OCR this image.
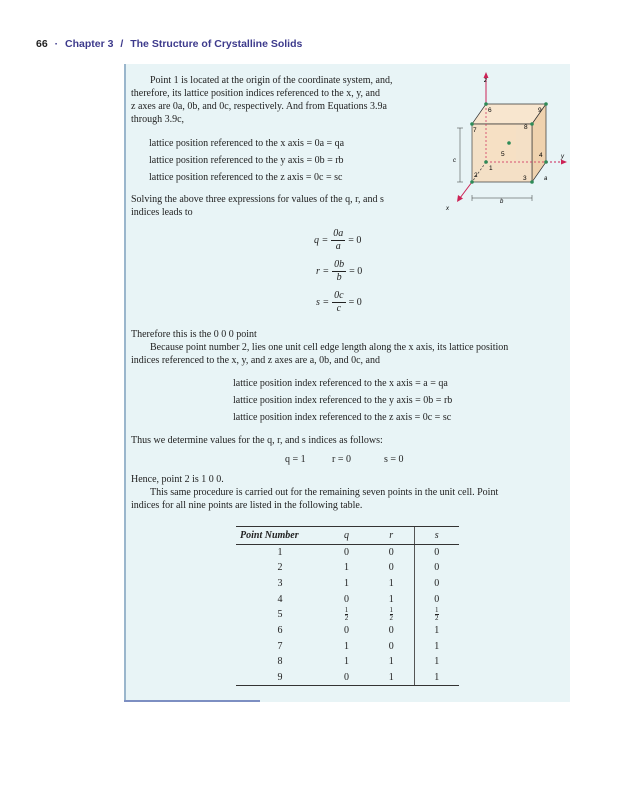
66 · Chapter 3 / The Structure of Crystalline Solids
Point 1 is located at the origin of the coordinate system, and,
therefore, its lattice position indices referenced to the x, y, and
z axes are 0a, 0b, and 0c, respectively. And from Equations 3.9a
through 3.9c,
lattice position referenced to the x axis = 0a = qa
lattice position referenced to the y axis = 0b = rb
lattice position referenced to the z axis = 0c = sc
Solving the above three expressions for values of the q, r, and s
indices leads to
$q = \frac{0a}{a} = 0$
$r = \frac{0b}{b} = 0$
$s = \frac{0c}{c} = 0$
Therefore this is the 0 0 0 point
Because point number 2, lies one unit cell edge length along the x axis, its lattice position
indices referenced to the x, y, and z axes are a, 0b, and 0c, and
lattice position index referenced to the x axis = a = qa
lattice position index referenced to the y axis = 0b = rb
lattice position index referenced to the z axis = 0c = sc
Thus we determine values for the q, r, and s indices as follows:
q = 1	r = 0	s = 0
Hence, point 2 is 1 0 0.
This same procedure is carried out for the remaining seven points in the unit cell. Point
indices for all nine points are listed in the following table.
Point Number	q	r	s
1	0	0	0
2	1	0	0
3	1	1	0
4	0	1	0
5	$\frac{1}{2}$	$\frac{1}{2}$	$\frac{1}{2}$

6	0	0	1
7	1	0	1
8	1	1	1
9	0	1	1
z
y
x
c
b
a
1
2	3
4
5
6
7	8
9
